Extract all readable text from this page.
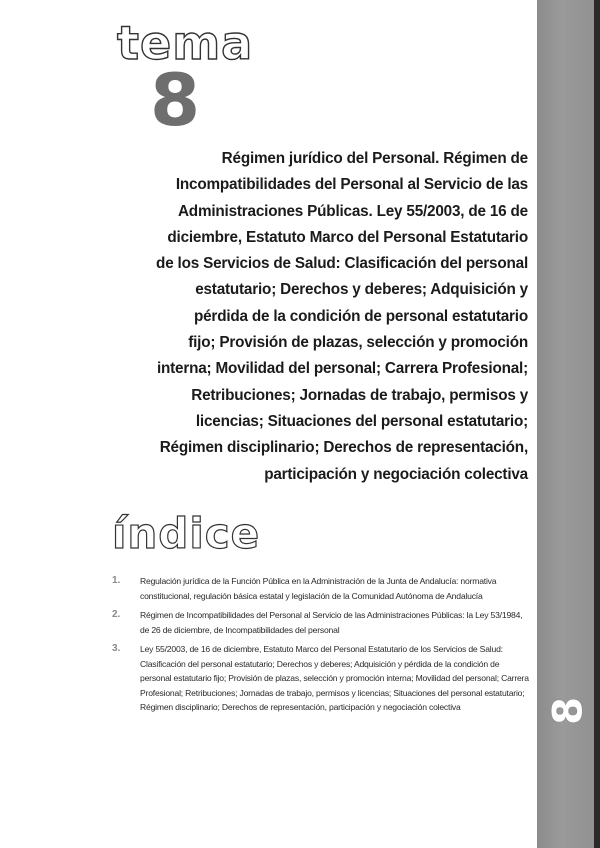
8
tema
8
Régimen jurídico del Personal. Régimen de
Incompatibilidades del Personal al Servicio de las
Administraciones Públicas. Ley 55/2003, de 16 de
diciembre, Estatuto Marco del Personal Estatutario
de los Servicios de Salud: Clasificación del personal
estatutario; Derechos y deberes; Adquisición y
pérdida de la condición de personal estatutario
fijo; Provisión de plazas, selección y promoción
interna; Movilidad del personal; Carrera Profesional;
Retribuciones; Jornadas de trabajo, permisos y
licencias; Situaciones del personal estatutario;
Régimen disciplinario; Derechos de representación,
participación y negociación colectiva
índice
1.	Regulación jurídica de la Función Pública en la Administración de la Junta de Andalucía: normativa constitucional, regulación básica estatal y legislación de la Comunidad Autónoma de Andalucía
2.	Régimen de Incompatibilidades del Personal al Servicio de las Administraciones Públicas: la Ley 53/1984, de 26 de diciembre, de Incompatibilidades del personal
3.	Ley 55/2003, de 16 de diciembre, Estatuto Marco del Personal Estatutario de los Servicios de Salud: Clasificación del personal estatutario; Derechos y deberes; Adquisición y pérdida de la condición de personal estatutario fijo; Provisión de plazas, selección y promoción interna; Movilidad del personal; Carrera Profesional; Retribuciones; Jornadas de trabajo, permisos y licencias; Situaciones del personal estatutario; Régimen disciplinario; Derechos de representación, participación y negociación colectiva
